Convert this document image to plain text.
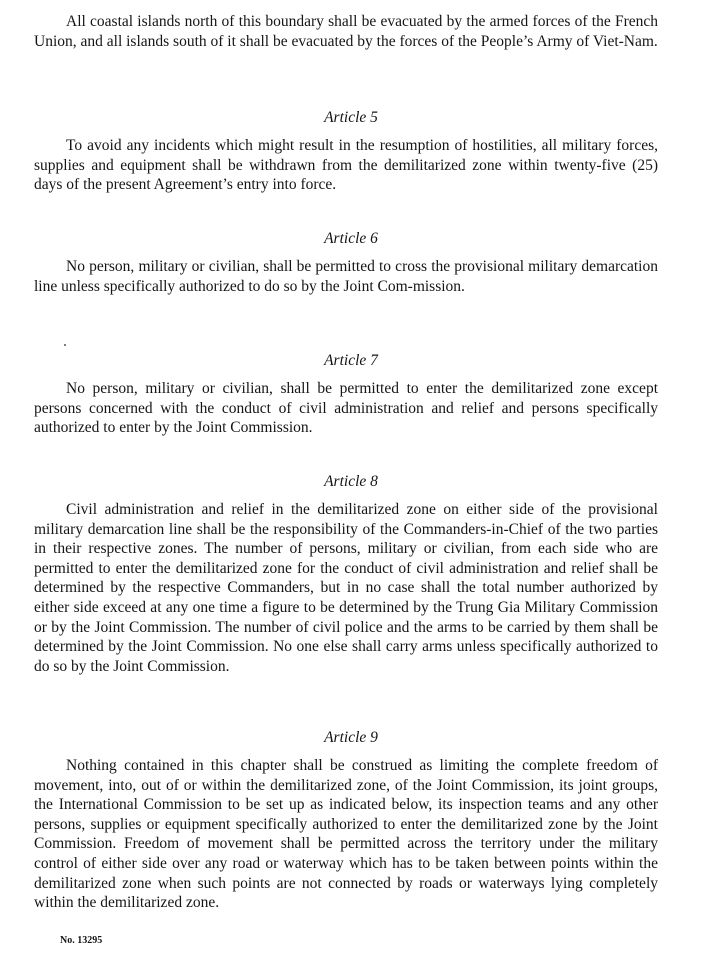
All coastal islands north of this boundary shall be evacuated by the armed forces of the French Union, and all islands south of it shall be evacuated by the forces of the People’s Army of Viet-Nam.

Article 5

To avoid any incidents which might result in the resumption of hostilities, all military forces, supplies and equipment shall be withdrawn from the demilitarized zone within twenty-five (25) days of the present Agreement’s entry into force.

Article 6

No person, military or civilian, shall be permitted to cross the provisional military demarcation line unless specifically authorized to do so by the Joint Com-mission.

Article 7

No person, military or civilian, shall be permitted to enter the demilitarized zone except persons concerned with the conduct of civil administration and relief and persons specifically authorized to enter by the Joint Commission.

Article 8

Civil administration and relief in the demilitarized zone on either side of the provisional military demarcation line shall be the responsibility of the Commanders-in-Chief of the two parties in their respective zones. The number of persons, military or civilian, from each side who are permitted to enter the demilitarized zone for the conduct of civil administration and relief shall be determined by the respective Commanders, but in no case shall the total number authorized by either side exceed at any one time a figure to be determined by the Trung Gia Military Commission or by the Joint Commission. The number of civil police and the arms to be carried by them shall be determined by the Joint Commission. No one else shall carry arms unless specifically authorized to do so by the Joint Commission.

Article 9

Nothing contained in this chapter shall be construed as limiting the complete freedom of movement, into, out of or within the demilitarized zone, of the Joint Commission, its joint groups, the International Commission to be set up as indicated below, its inspection teams and any other persons, supplies or equipment specifically authorized to enter the demilitarized zone by the Joint Commission. Freedom of movement shall be permitted across the territory under the military control of either side over any road or waterway which has to be taken between points within the demilitarized zone when such points are not connected by roads or waterways lying completely within the demilitarized zone.

No. 13295
